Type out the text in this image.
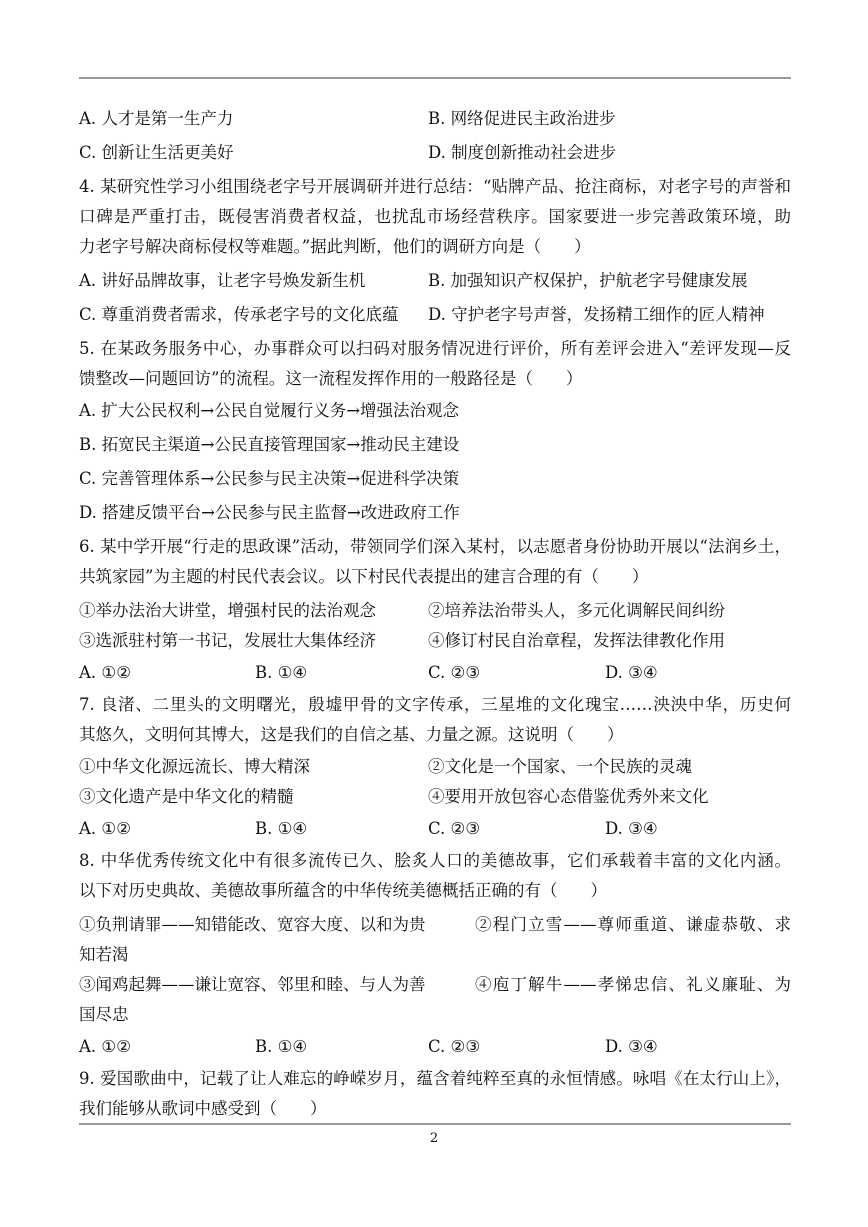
A. 人才是第一生产力	B. 网络促进民主政治进步
C. 创新让生活更美好	D. 制度创新推动社会进步
4. 某研究性学习小组围绕老字号开展调研并进行总结：“贴牌产品、抢注商标，对老字号的声誉和
口碑是严重打击，既侵害消费者权益，也扰乱市场经营秩序。国家要进一步完善政策环境，助
力老字号解决商标侵权等难题。”据此判断，他们的调研方向是（　　）
A. 讲好品牌故事，让老字号焕发新生机	B. 加强知识产权保护，护航老字号健康发展
C. 尊重消费者需求，传承老字号的文化底蕴 D. 守护老字号声誉，发扬精工细作的匠人精神
5. 在某政务服务中心，办事群众可以扫码对服务情况进行评价，所有差评会进入“差评发现—反
馈整改—问题回访”的流程。这一流程发挥作用的一般路径是（　　）
A. 扩大公民权利→公民自觉履行义务→增强法治观念
B. 拓宽民主渠道→公民直接管理国家→推动民主建设
C. 完善管理体系→公民参与民主决策→促进科学决策
D. 搭建反馈平台→公民参与民主监督→改进政府工作
6. 某中学开展“行走的思政课”活动，带领同学们深入某村，以志愿者身份协助开展以“法润乡土，
共筑家园”为主题的村民代表会议。以下村民代表提出的建言合理的有（　　）
①举办法治大讲堂，增强村民的法治观念	②培养法治带头人，多元化调解民间纠纷
③选派驻村第一书记，发展壮大集体经济	④修订村民自治章程，发挥法律教化作用
A. ①②	B. ①④	C. ②③	D. ③④
7. 良渚、二里头的文明曙光，殷墟甲骨的文字传承，三星堆的文化瑰宝……泱泱中华，历史何
其悠久，文明何其博大，这是我们的自信之基、力量之源。这说明（　　）
①中华文化源远流长、博大精深	②文化是一个国家、一个民族的灵魂
③文化遗产是中华文化的精髓	④要用开放包容心态借鉴优秀外来文化
A. ①②	B. ①④	C. ②③	D. ③④
8. 中华优秀传统文化中有很多流传已久、脍炙人口的美德故事，它们承载着丰富的文化内涵。
以下对历史典故、美德故事所蕴含的中华传统美德概括正确的有（　　）
①负荆请罪——知错能改、宽容大度、以和为贵	②程门立雪——尊师重道、谦虚恭敬、求
知若渴
③闻鸡起舞——谦让宽容、邻里和睦、与人为善	④庖丁解牛——孝悌忠信、礼义廉耻、为
国尽忠
A. ①②	B. ①④	C. ②③	D. ③④
9. 爱国歌曲中，记载了让人难忘的峥嵘岁月，蕴含着纯粹至真的永恒情感。咏唱《在太行山上》，
我们能够从歌词中感受到（　　）
2
